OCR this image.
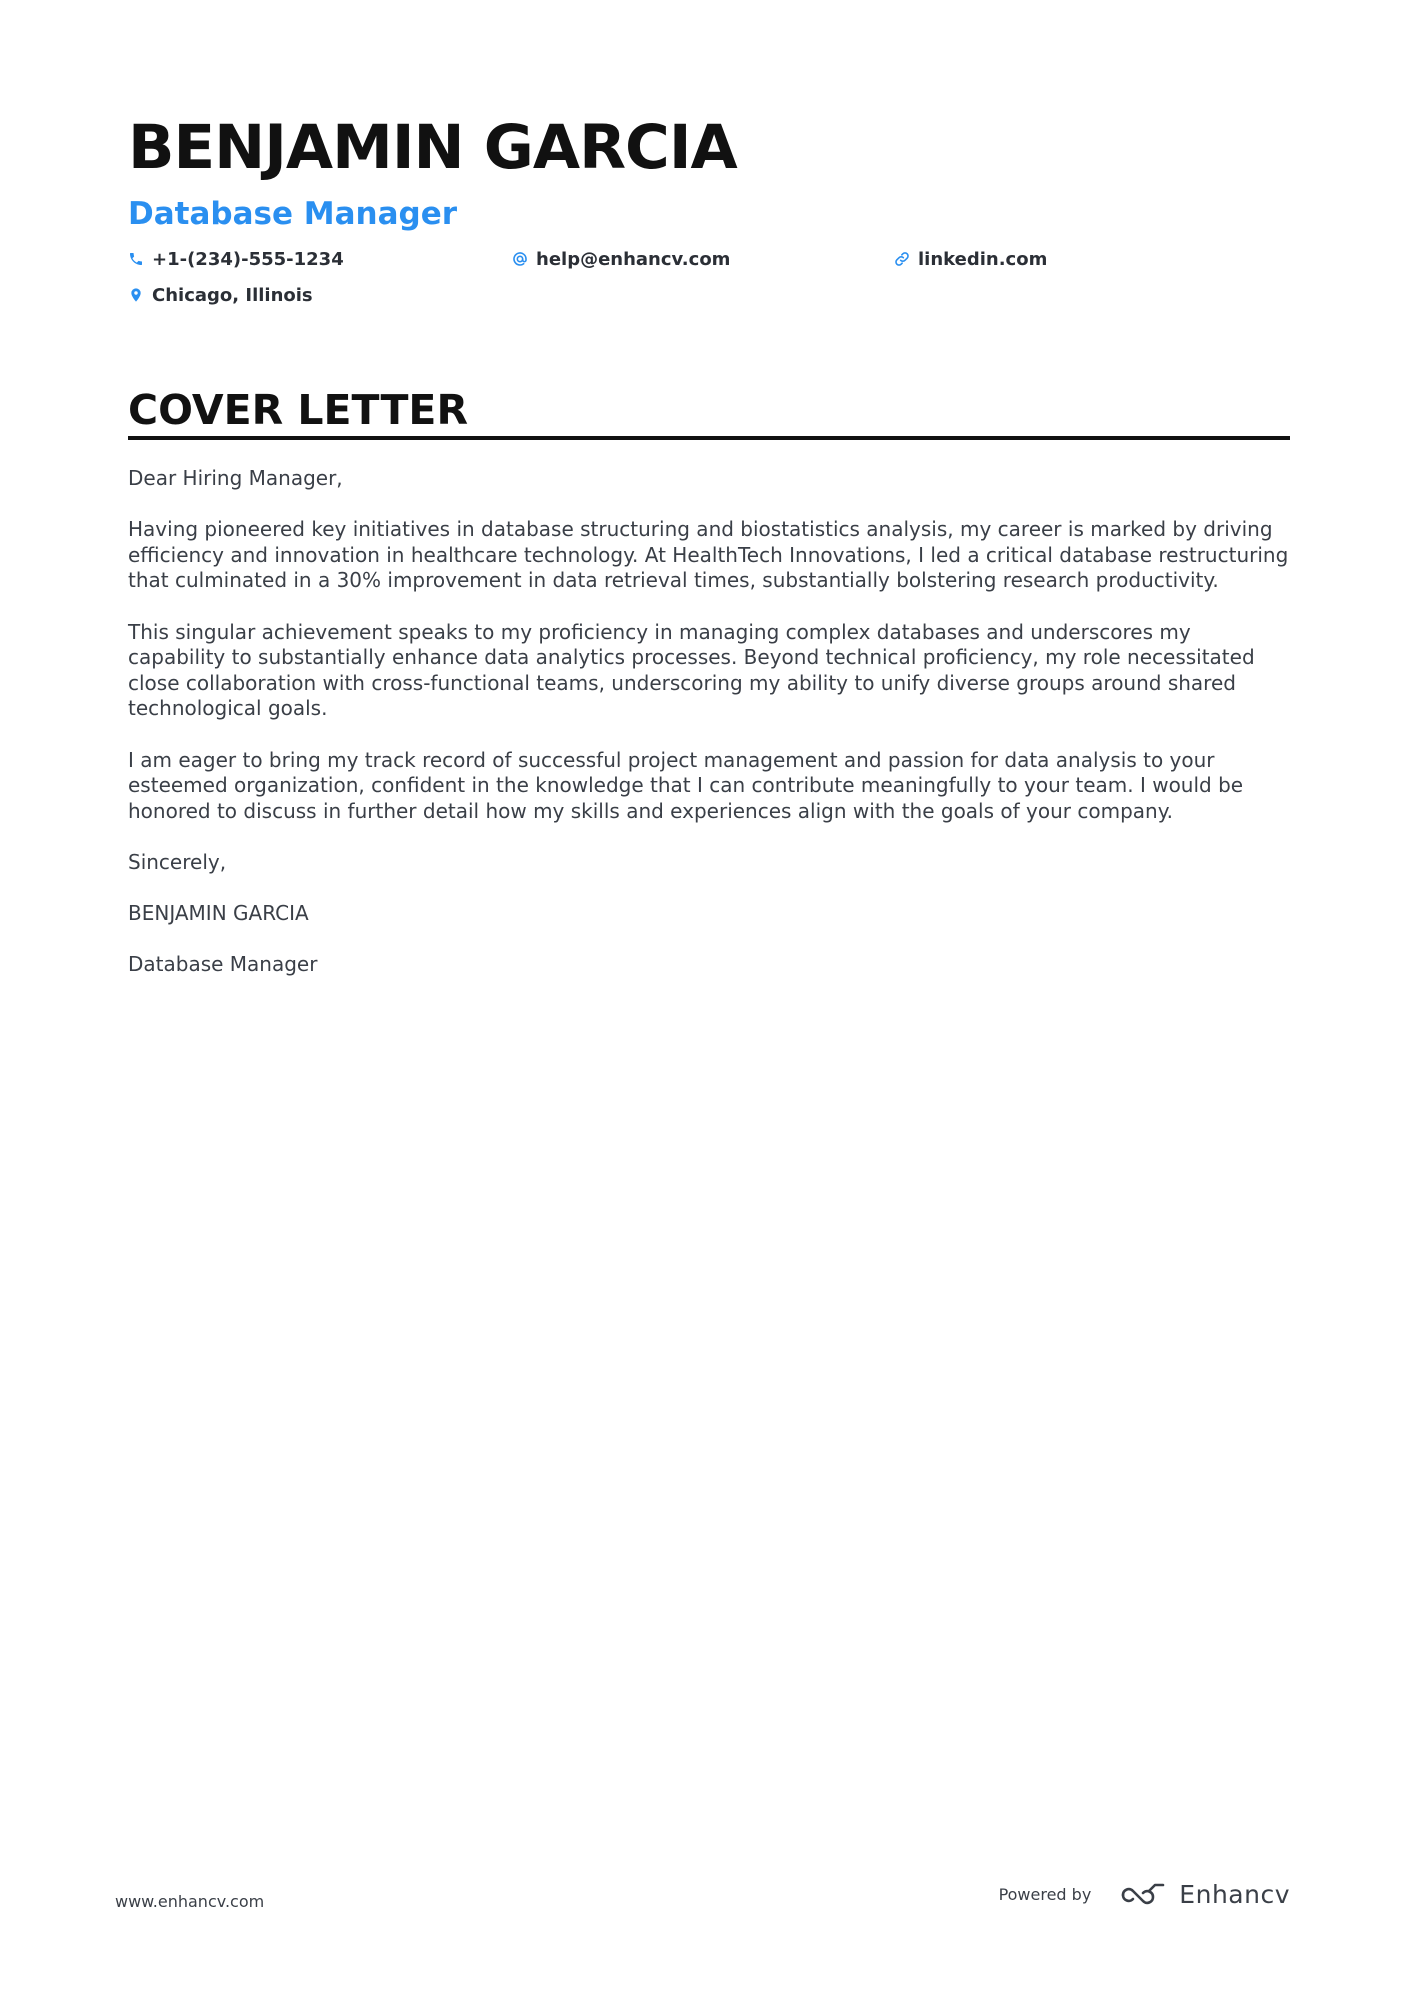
BENJAMIN GARCIA
Database Manager
+1-(234)-555-1234	help@enhancv.com	linkedin.com
Chicago, Illinois
COVER LETTER

Dear Hiring Manager,

Having pioneered key initiatives in database structuring and biostatistics analysis, my career is marked by driving efficiency and innovation in healthcare technology. At HealthTech Innovations, I led a critical database restructuring that culminated in a 30% improvement in data retrieval times, substantially bolstering research productivity.

This singular achievement speaks to my proficiency in managing complex databases and underscores my capability to substantially enhance data analytics processes. Beyond technical proficiency, my role necessitated close collaboration with cross-functional teams, underscoring my ability to unify diverse groups around shared technological goals.

I am eager to bring my track record of successful project management and passion for data analysis to your esteemed organization, confident in the knowledge that I can contribute meaningfully to your team. I would be honored to discuss in further detail how my skills and experiences align with the goals of your company.

Sincerely,

BENJAMIN GARCIA

Database Manager

www.enhancv.com	Powered by	Enhancv
